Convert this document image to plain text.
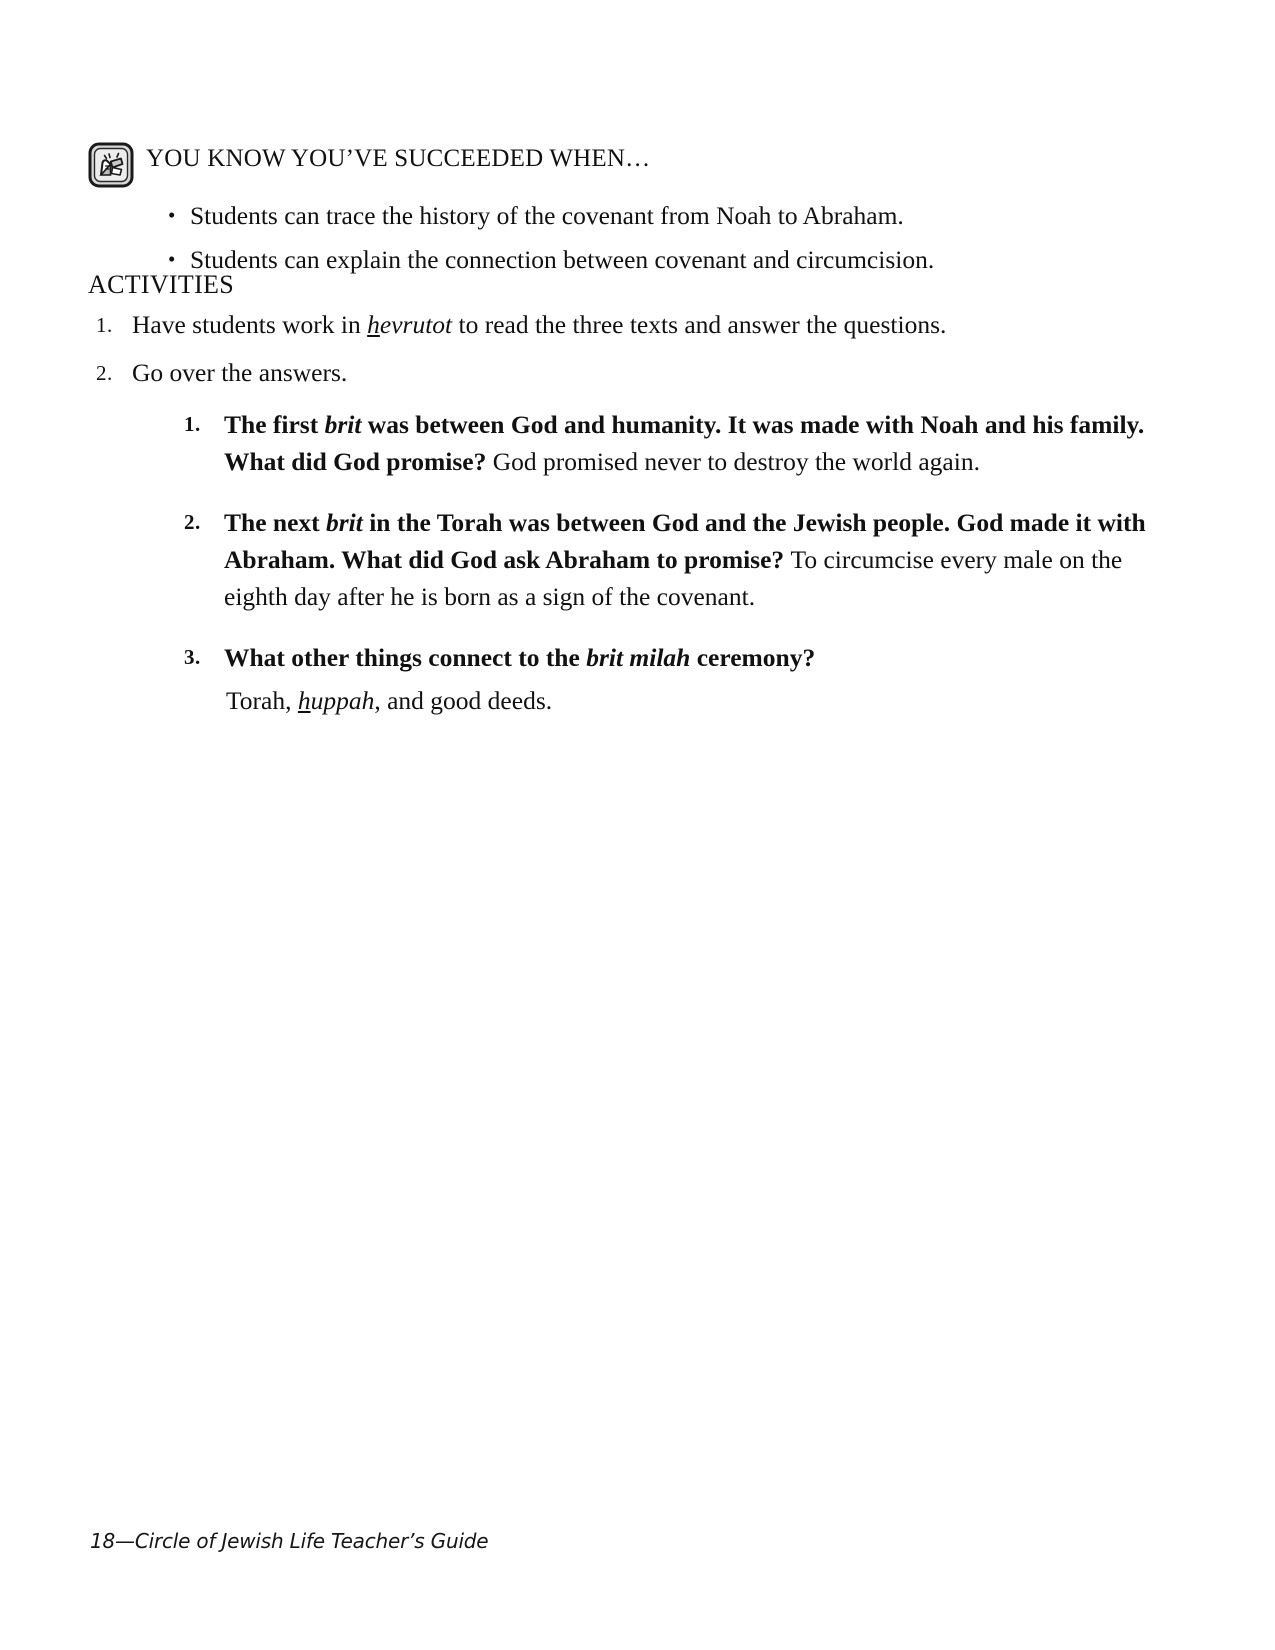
YOU KNOW YOU’VE SUCCEEDED WHEN…
• Students can trace the history of the covenant from Noah to Abraham.
• Students can explain the connection between covenant and circumcision.
ACTIVITIES
1. Have students work in hevrutot to read the three texts and answer the questions.
2. Go over the answers.
1. The first brit was between God and humanity. It was made with Noah and his family. What did God promise? God promised never to destroy the world again.
2. The next brit in the Torah was between God and the Jewish people. God made it with Abraham. What did God ask Abraham to promise? To circumcise every male on the eighth day after he is born as a sign of the covenant.
3. What other things connect to the brit milah ceremony?
Torah, huppah, and good deeds.
18—Circle of Jewish Life Teacher’s Guide
